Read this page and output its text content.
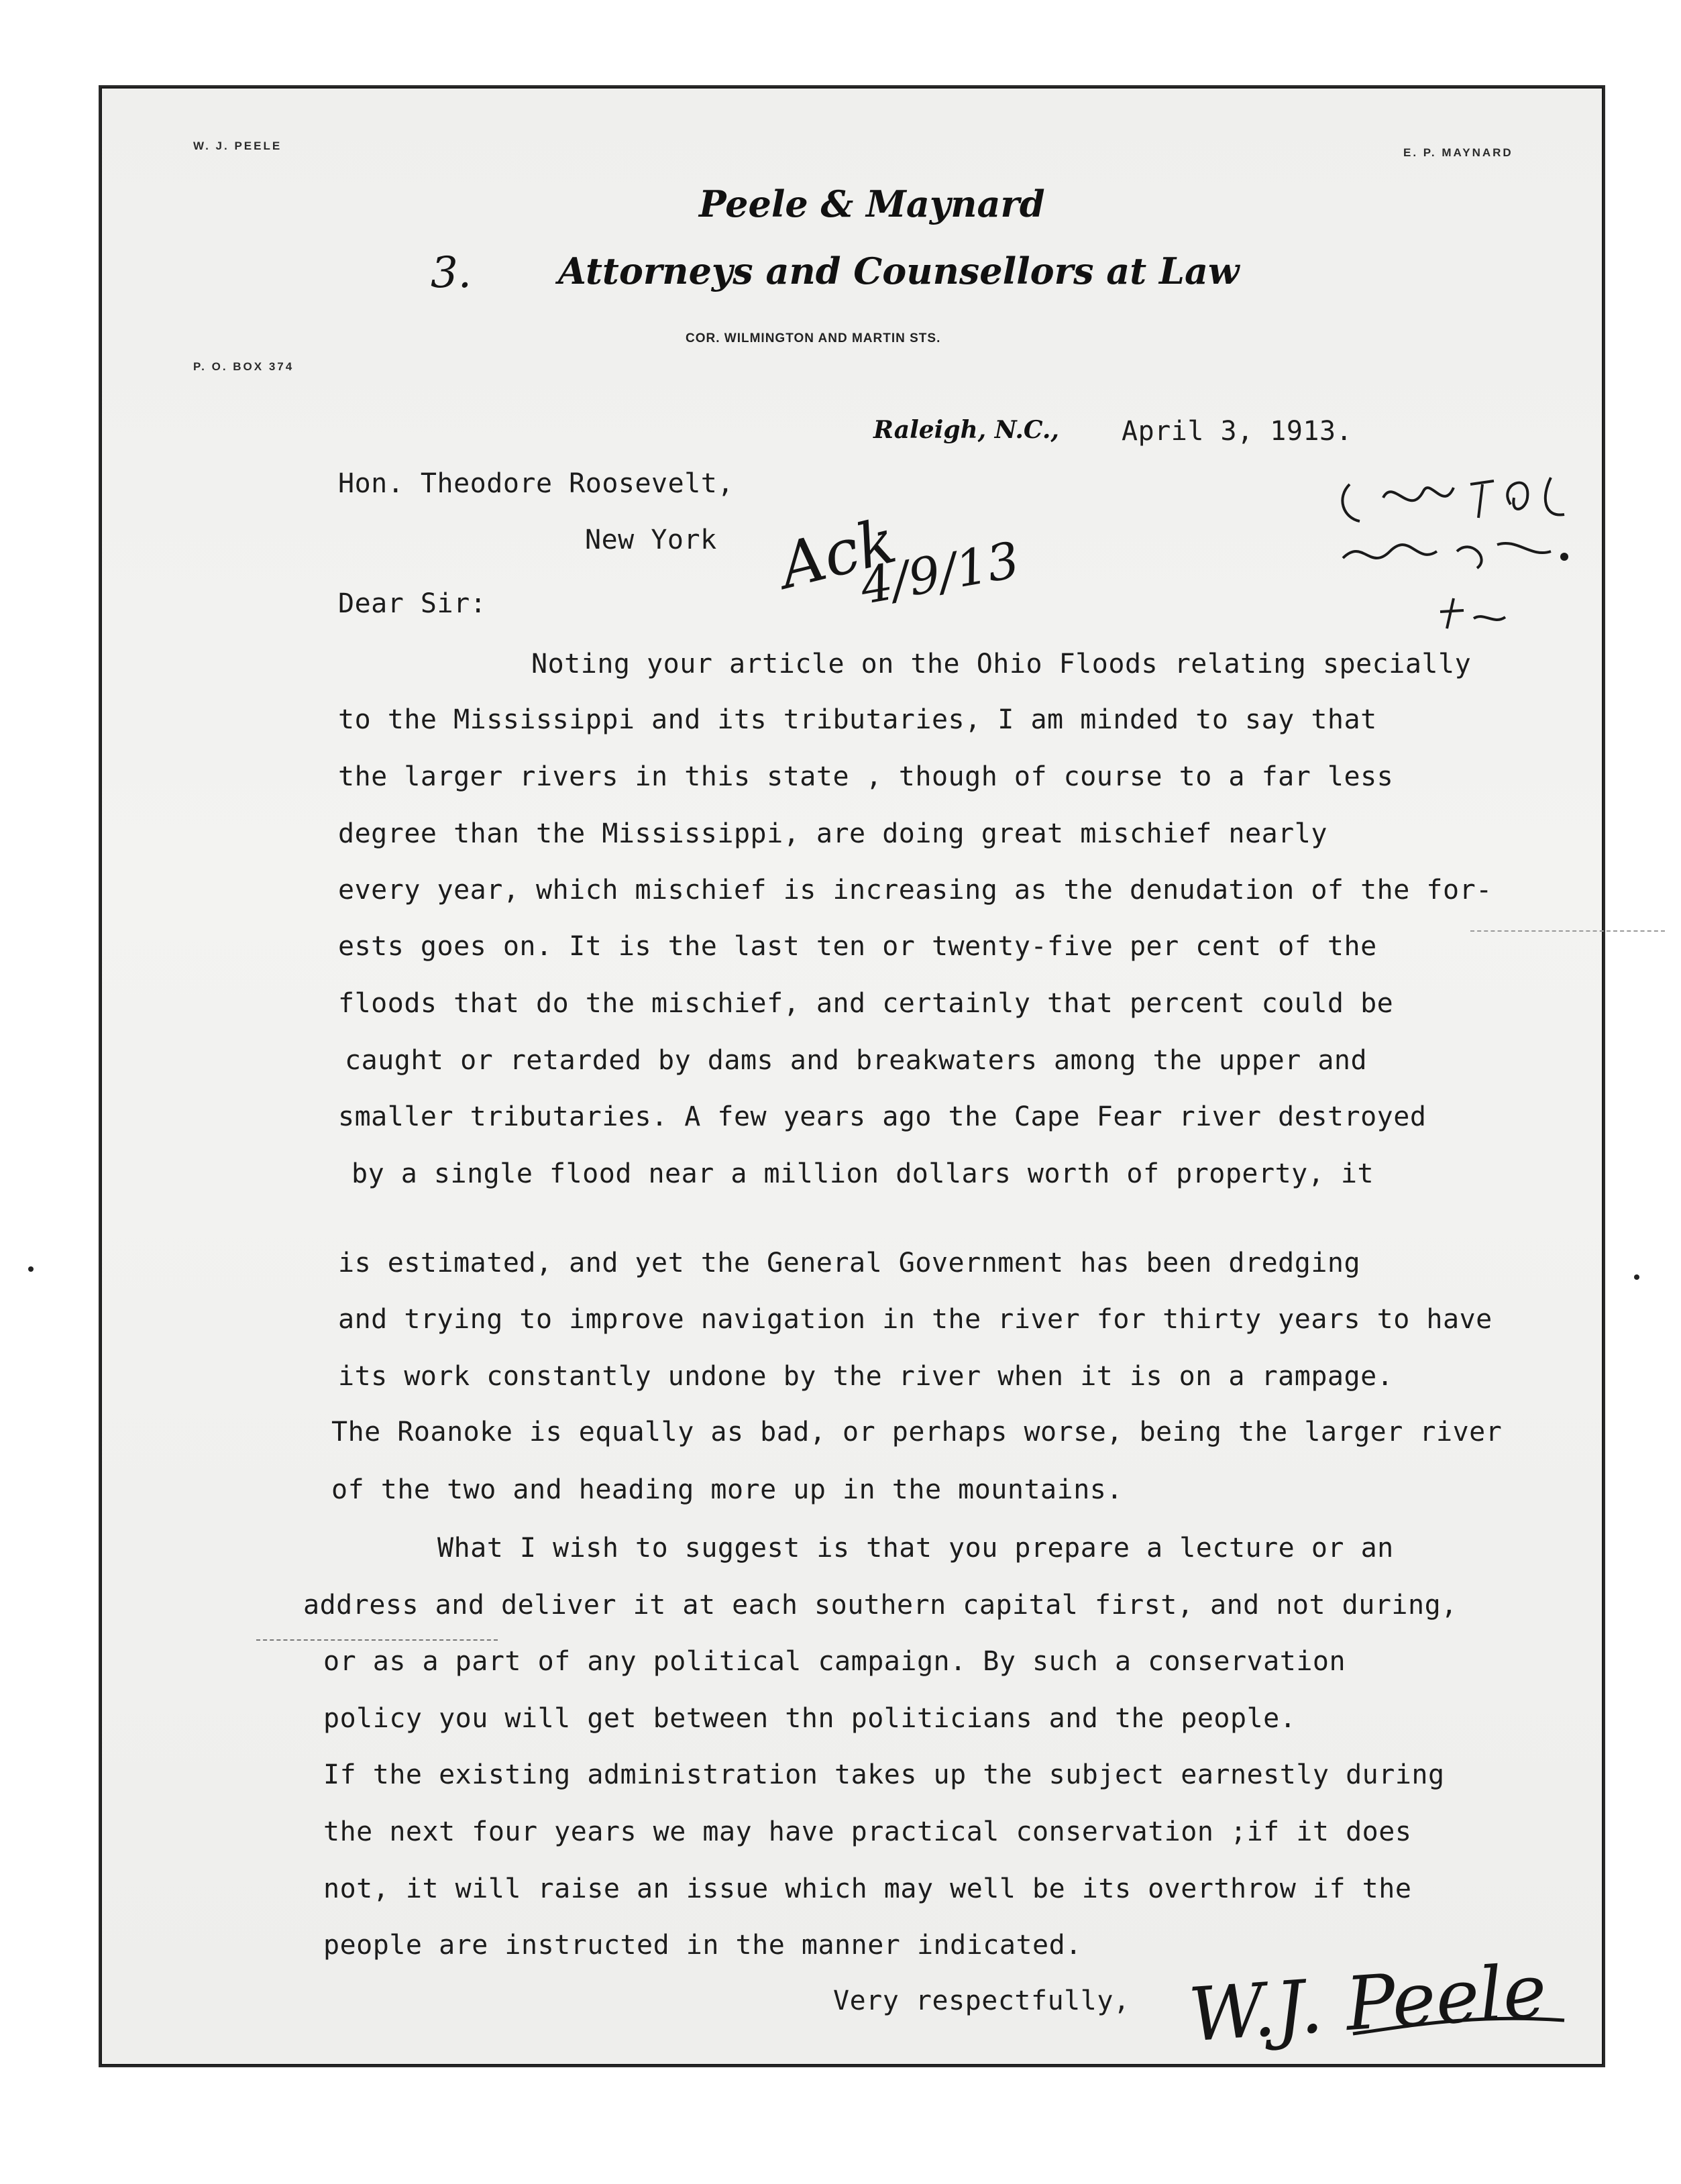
W. J. PEELE
E. P. MAYNARD
Peele & Maynard
3. Attorneys and Counsellors at Law
COR. WILMINGTON AND MARTIN STS.
P. O. BOX 374
Raleigh, N.C., April 3, 1913.
Hon. Theodore Roosevelt,
New York Ack
4/9/13
Dear Sir:
Noting your article on the Ohio Floods relating specially
to the Mississippi and its tributaries, I am minded to say that
the larger rivers in this state , though of course to a far less
degree than the Mississippi, are doing great mischief nearly
every year, which mischief is increasing as the denudation of the for-
ests goes on. It is the last ten or twenty-five per cent of the
floods that do the mischief, and certainly that percent could be
caught or retarded by dams and breakwaters among the upper and
smaller tributaries. A few years ago the Cape Fear river destroyed
by a single flood near a million dollars worth of property, it
is estimated, and yet the General Government has been dredging
and trying to improve navigation in the river for thirty years to have
its work constantly undone by the river when it is on a rampage.
The Roanoke is equally as bad, or perhaps worse, being the larger river
of the two and heading more up in the mountains.
What I wish to suggest is that you prepare a lecture or an
address and deliver it at each southern capital first, and not during,
or as a part of any political campaign. By such a conservation
policy you will get between thn politicians and the people.
If the existing administration takes up the subject earnestly during
the next four years we may have practical conservation ;if it does
not, it will raise an issue which may well be its overthrow if the
people are instructed in the manner indicated.
Very respectfully, W.J. Peele
